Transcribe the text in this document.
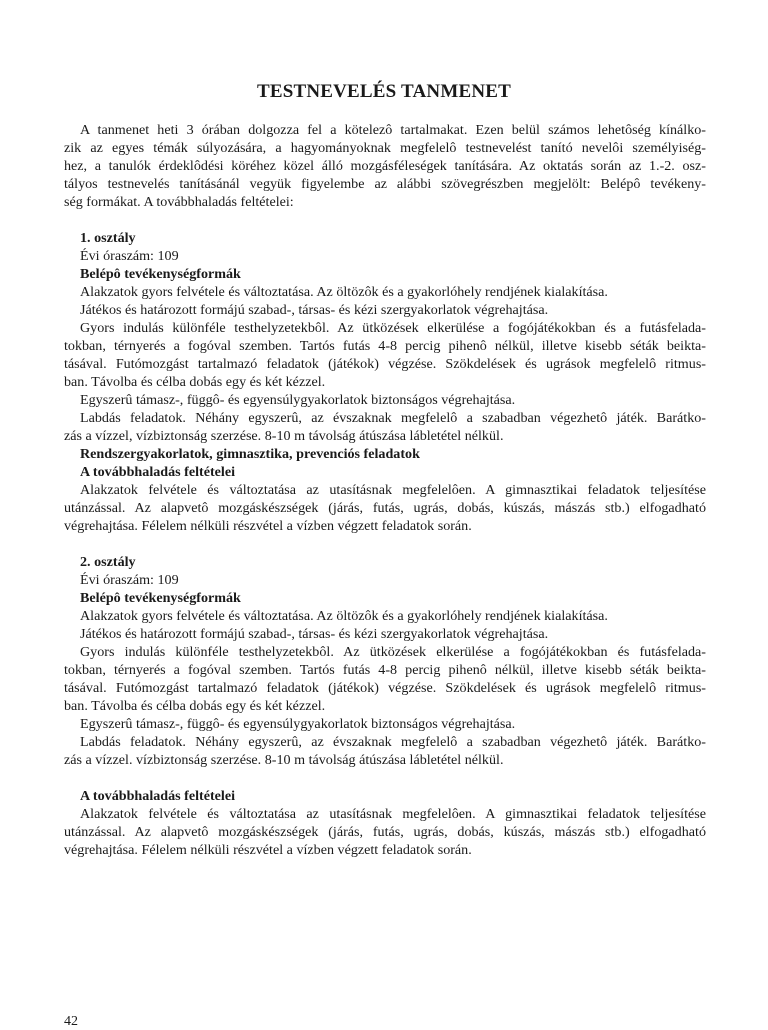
TESTNEVELÉS TANMENET
A tanmenet heti 3 órában dolgozza fel a kötelezô tartalmakat. Ezen belül számos lehetôség kínálko-
zik az egyes témák súlyozására, a hagyományoknak megfelelô testnevelést tanító nevelôi személyiség-
hez, a tanulók érdeklôdési köréhez közel álló mozgásféleségek tanítására. Az oktatás során az 1.-2. osz-
tályos testnevelés tanításánál vegyük figyelembe az alábbi szövegrészben megjelölt: Belépô tevékeny-
ség formákat. A továbbhaladás feltételei:
1. osztály
Évi óraszám: 109
Belépô tevékenységformák
Alakzatok gyors felvétele és változtatása. Az öltözôk és a gyakorlóhely rendjének kialakítása.
Játékos és határozott formájú szabad-, társas- és kézi szergyakorlatok végrehajtása.
Gyors indulás különféle testhelyzetekbôl. Az ütközések elkerülése a fogójátékokban és a futásfelada-
tokban, térnyerés a fogóval szemben. Tartós futás 4-8 percig pihenô nélkül, illetve kisebb séták beikta-
tásával. Futómozgást tartalmazó feladatok (játékok) végzése. Szökdelések és ugrások megfelelô ritmus-
ban. Távolba és célba dobás egy és két kézzel.
Egyszerû támasz-, függô- és egyensúlygyakorlatok biztonságos végrehajtása.
Labdás feladatok. Néhány egyszerû, az évszaknak megfelelô a szabadban végezhetô játék. Barátko-
zás a vízzel, vízbiztonság szerzése. 8-10 m távolság átúszása lábletétel nélkül.
Rendszergyakorlatok, gimnasztika, prevenciós feladatok
A továbbhaladás feltételei
Alakzatok felvétele és változtatása az utasításnak megfelelôen. A gimnasztikai feladatok teljesítése
utánzással. Az alapvetô mozgáskészségek (járás, futás, ugrás, dobás, kúszás, mászás stb.) elfogadható
végrehajtása. Félelem nélküli részvétel a vízben végzett feladatok során.
2. osztály
Évi óraszám: 109
Belépô tevékenységformák
Alakzatok gyors felvétele és változtatása. Az öltözôk és a gyakorlóhely rendjének kialakítása.
Játékos és határozott formájú szabad-, társas- és kézi szergyakorlatok végrehajtása.
Gyors indulás különféle testhelyzetekbôl. Az ütközések elkerülése a fogójátékokban és futásfelada-
tokban, térnyerés a fogóval szemben. Tartós futás 4-8 percig pihenô nélkül, illetve kisebb séták beikta-
tásával. Futómozgást tartalmazó feladatok (játékok) végzése. Szökdelések és ugrások megfelelô ritmus-
ban. Távolba és célba dobás egy és két kézzel.
Egyszerû támasz-, függô- és egyensúlygyakorlatok biztonságos végrehajtása.
Labdás feladatok. Néhány egyszerû, az évszaknak megfelelô a szabadban végezhetô játék. Barátko-
zás a vízzel. vízbiztonság szerzése. 8-10 m távolság átúszása lábletétel nélkül.
A továbbhaladás feltételei
Alakzatok felvétele és változtatása az utasításnak megfelelôen. A gimnasztikai feladatok teljesítése
utánzással. Az alapvetô mozgáskészségek (járás, futás, ugrás, dobás, kúszás, mászás stb.) elfogadható
végrehajtása. Félelem nélküli részvétel a vízben végzett feladatok során.
42
